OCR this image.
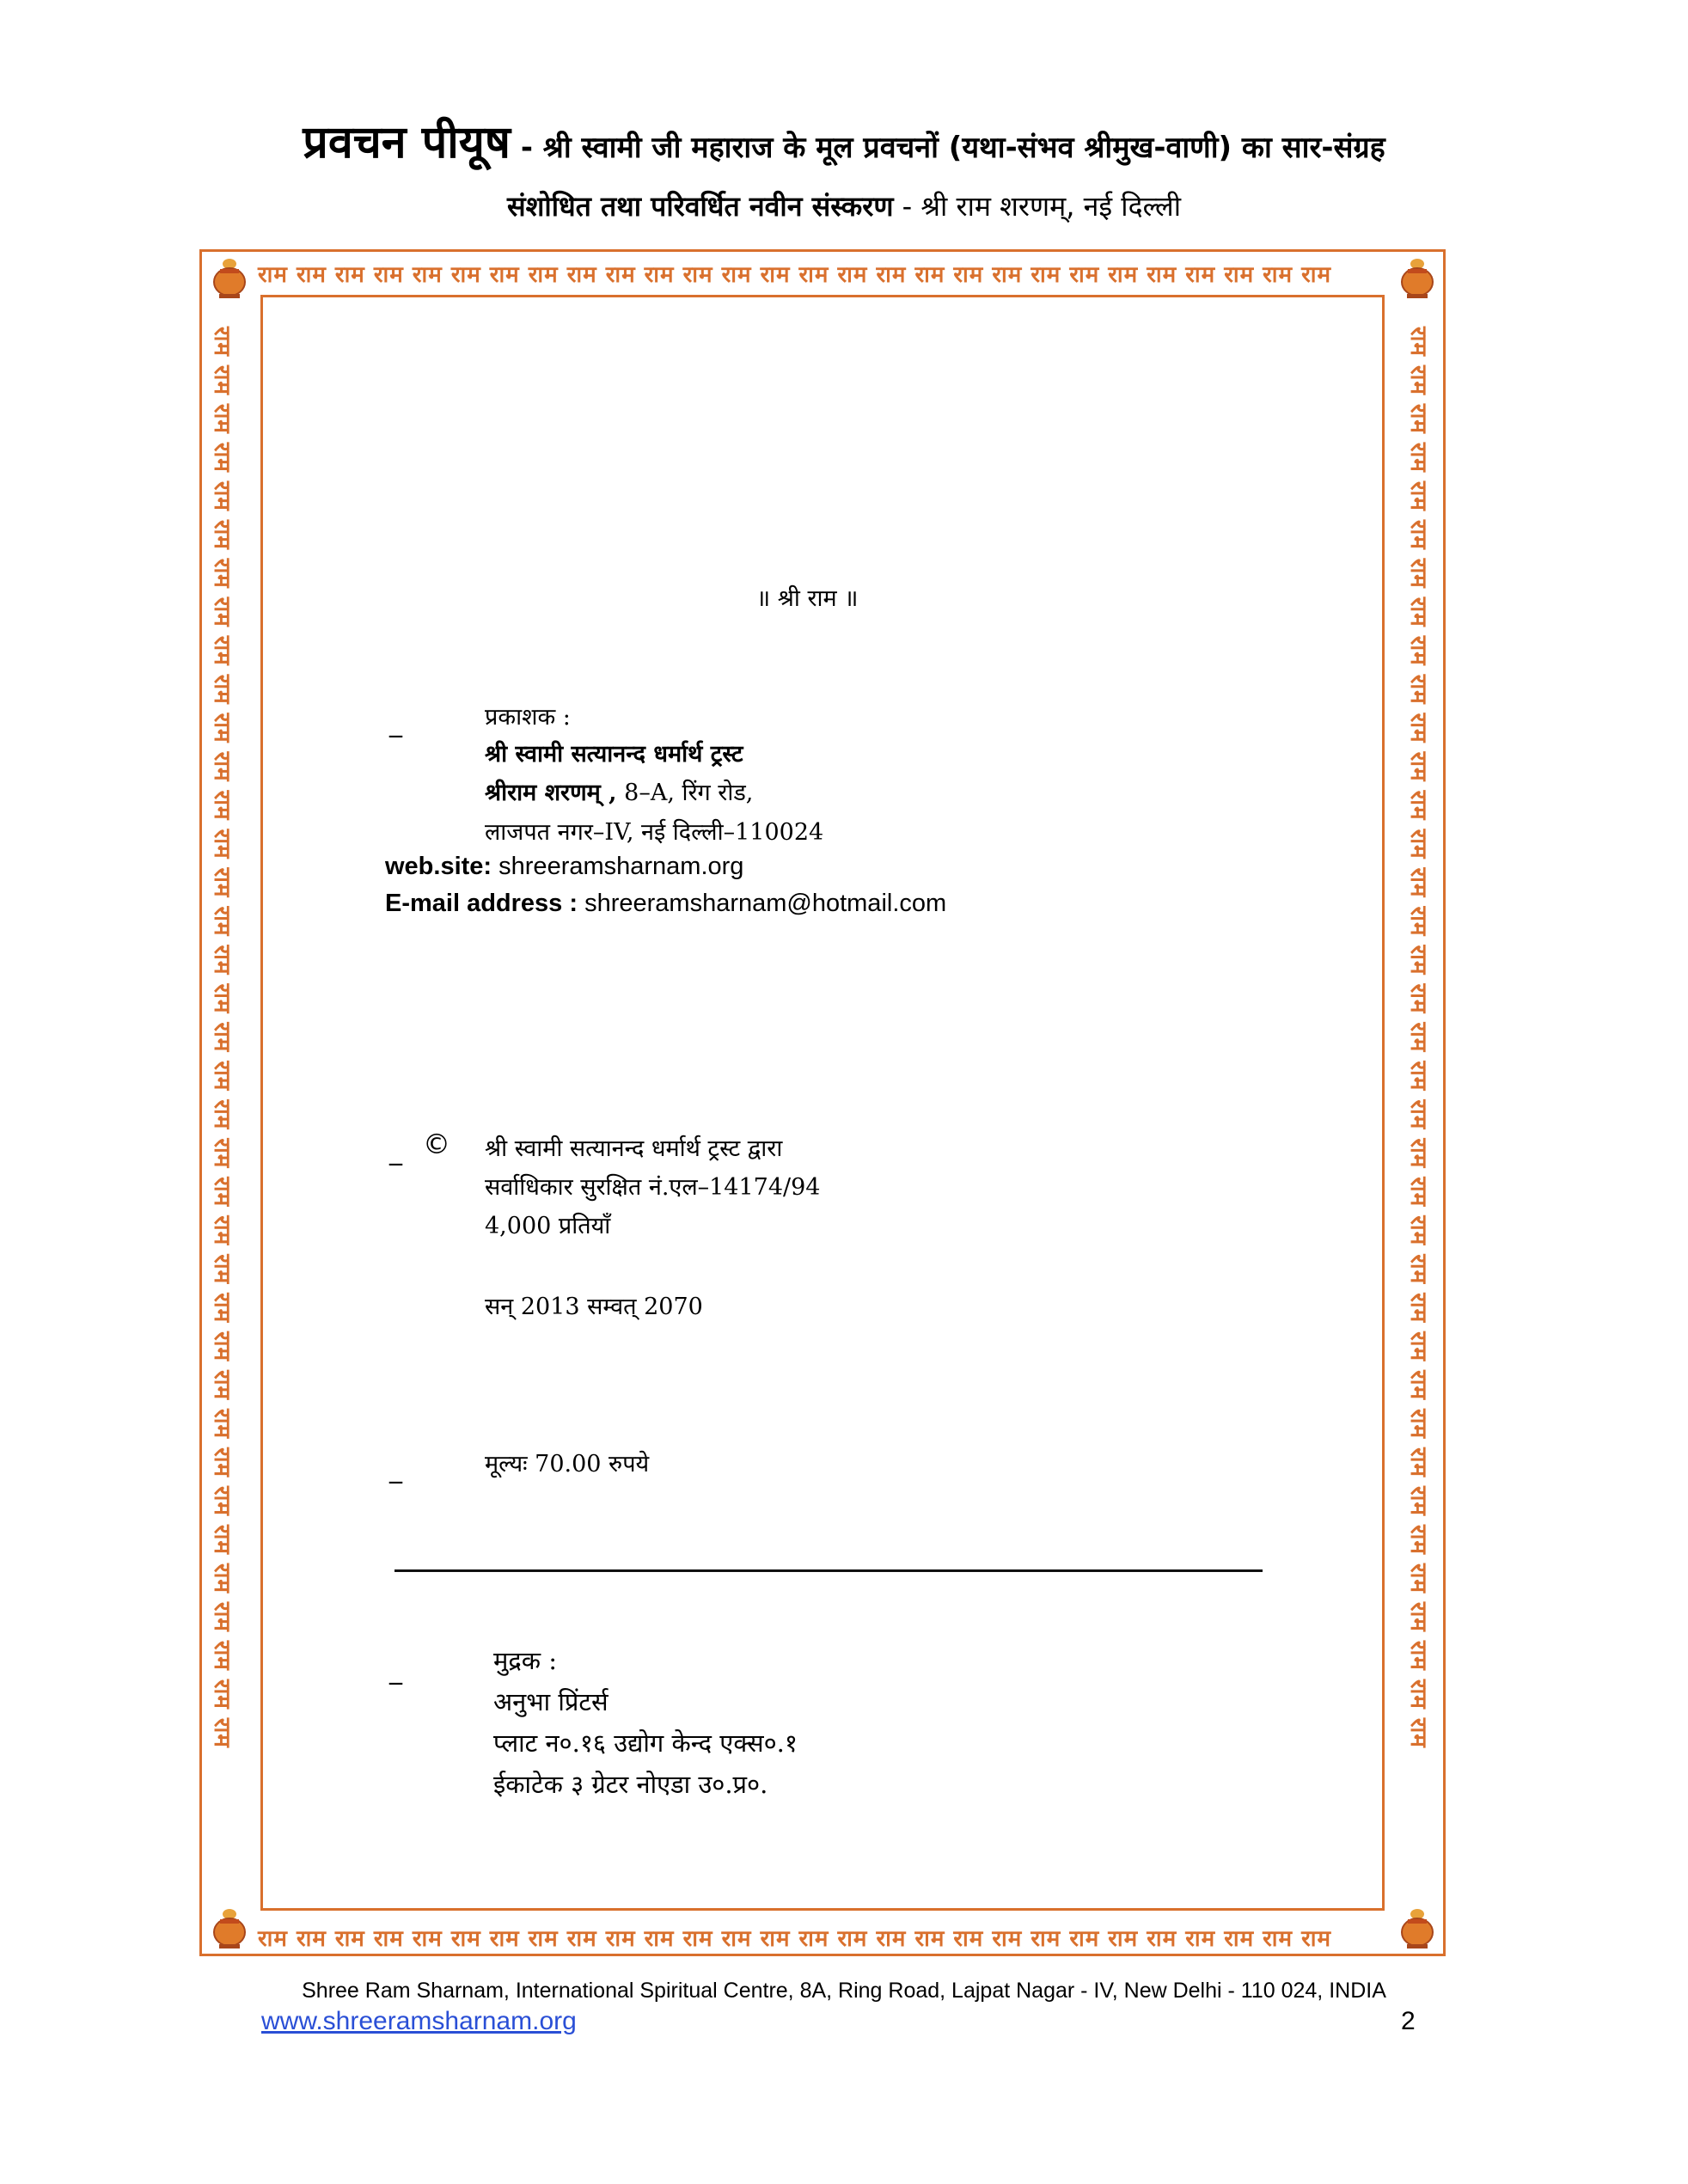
प्रवचन पीयूष - श्री स्वामी जी महाराज के मूल प्रवचनों (यथा-संभव श्रीमुख-वाणी) का सार-संग्रह
संशोधित तथा परिवर्धित नवीन संस्करण - श्री राम शरणम्, नई दिल्ली
राम राम राम राम राम राम राम राम राम राम राम राम राम राम राम राम राम राम राम राम राम राम राम राम राम राम राम राम
राम राम राम राम राम राम राम राम राम राम राम राम राम राम राम राम राम राम राम राम राम राम राम राम राम राम राम राम
राम राम राम राम राम राम राम राम राम राम राम राम राम राम राम राम राम राम राम राम राम राम राम राम राम राम राम राम राम राम राम राम राम राम राम राम राम	राम राम राम राम राम राम राम राम राम राम राम राम राम राम राम राम राम राम राम राम राम राम राम राम राम राम राम राम राम राम राम राम राम राम राम राम राम
॥ श्री राम ॥
_	प्रकाशक :
श्री स्वामी सत्यानन्द धर्मार्थ ट्रस्ट
श्रीराम शरणम् , 8–A, रिंग रोड,
लाजपत नगर–IV, नई दिल्ली–110024
web.site: shreeramsharnam.org
E-mail address : shreeramsharnam@hotmail.com
_ © श्री स्वामी सत्यानन्द धर्मार्थ ट्रस्ट द्वारा
सर्वाधिकार सुरक्षित नं.एल–14174/94
4,000 प्रतियाँ
सन् 2013 सम्वत् 2070
_	मूल्यः 70.00 रुपये
_	मुद्रक :
अनुभा प्रिंटर्स
प्लाट न०.१६ उद्योग केन्द एक्स०.१
ईकाटेक ३ ग्रेटर नोएडा उ०.प्र०.
Shree Ram Sharnam, International Spiritual Centre, 8A, Ring Road, Lajpat Nagar - IV, New Delhi - 110 024, INDIA
www.shreeramsharnam.org	2
